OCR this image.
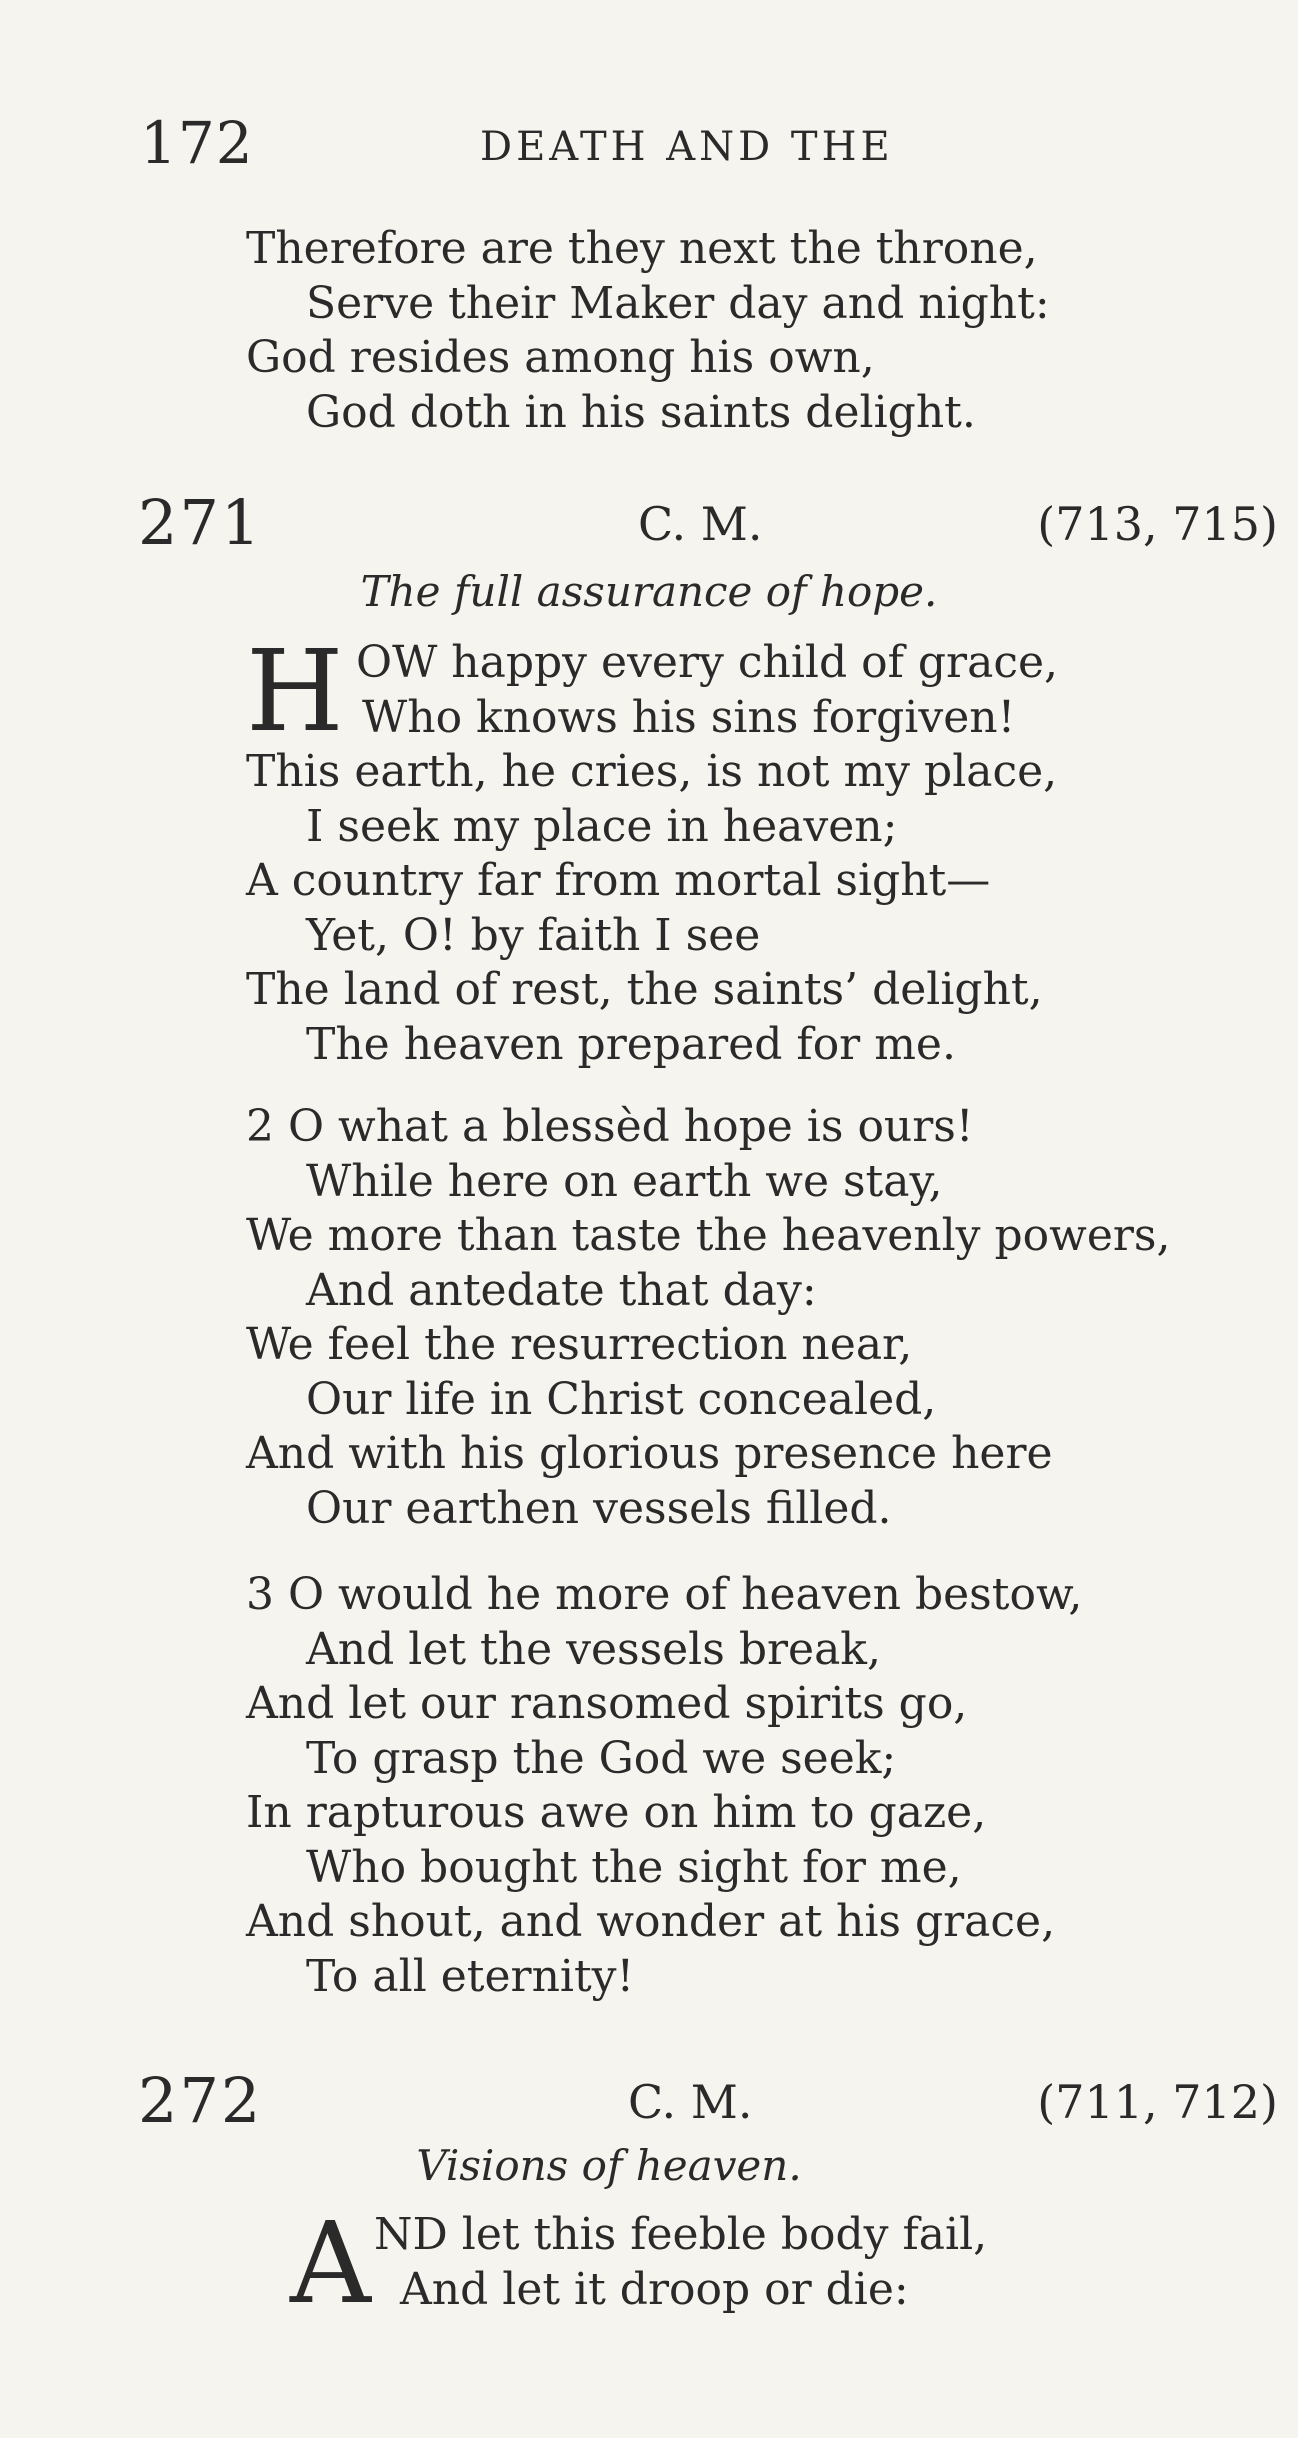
172	DEATH AND THE
Therefore are they next the throne,
Serve their Maker day and night:
God resides among his own,
God doth in his saints delight.
271	C. M.	(713, 715)
The full assurance of hope.
H OW happy every child of grace,
Who knows his sins forgiven!
This earth, he cries, is not my place,
I seek my place in heaven;
A country far from mortal sight—
Yet, O! by faith I see
The land of rest, the saints’ delight,
The heaven prepared for me.
2 O what a blessèd hope is ours!
While here on earth we stay,
We more than taste the heavenly powers,
And antedate that day:
We feel the resurrection near,
Our life in Christ concealed,
And with his glorious presence here
Our earthen vessels filled.
3 O would he more of heaven bestow,
And let the vessels break,
And let our ransomed spirits go,
To grasp the God we seek;
In rapturous awe on him to gaze,
Who bought the sight for me,
And shout, and wonder at his grace,
To all eternity!
272	C. M.	(711, 712)
Visions of heaven.
A ND let this feeble body fail,
And let it droop or die:
